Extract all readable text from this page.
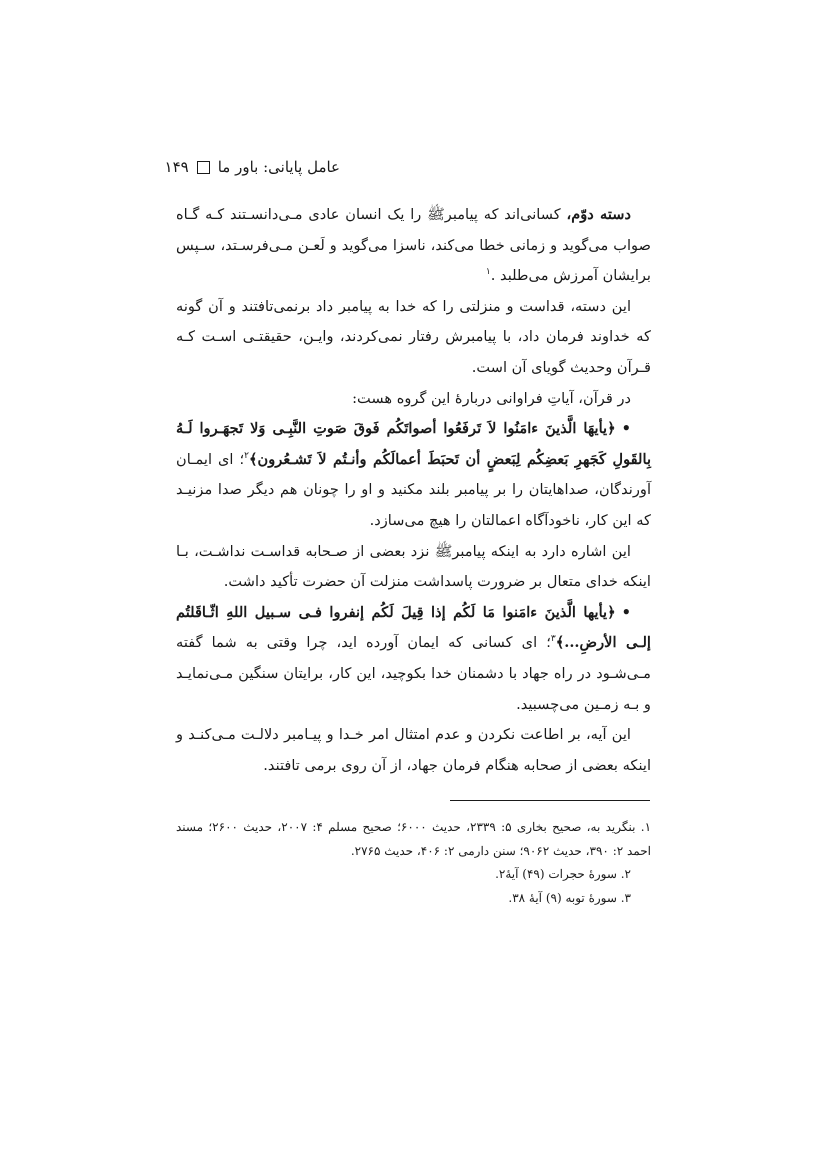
عامل پایانی: باور ما
۱۴۹

دسته دوّم، کسانی‌اند که پیامبرﷺ را یک انسان عادی مـی‌دانسـتند کـه گـاه صواب می‌گوید و زمانی خطا می‌کند، ناسزا می‌گوید و لَعـن مـی‌فرسـتد، سـپس برایشان آمرزش می‌طلبد .$^۱$

این دسته، قداست و منزلتی را که خدا به پیامبر داد برنمی‌تافتند و آن گونه که خداوند فرمان داد، با پیامبرش رفتار نمی‌کردند، وایـن، حقیقتـی اسـت کـه قـرآن وحدیث گویای آن است.

در قرآن، آیاتِ فراوانی دربارۀ این گروه هست:

•﴿يأيهَا الَّذينَ ءامَنُوا لاَ تَرفَعُوا أصواتَكُم فَوقَ صَوتِ النَّبِـى وَلا تَجهَـروا لَـهُ بِالقَولِ كَجَهرِ بَعضِكُم لِبَعضٍ أن تَحبَطَ أعمالَكُم وأنـتُم لاَ تَشـعُرون﴾$^۲$؛ ای ایمـان آورندگان، صداهایتان را بر پیامبر بلند مکنید و او را چونان هم دیگر صدا مزنیـد که این کار، ناخودآگاه اعمالتان را هیچ می‌سازد.

این اشاره دارد به اینکه پیامبرﷺ نزد بعضی از صـحابه قداسـت نداشـت، بـا اینکه خدای متعال بر ضرورت پاسداشت منزلت آن حضرت تأکید داشت.

•﴿يأيها الَّذينَ ءامَنوا مَا لَكُم إذا قِيلَ لَكُم إنفروا فـى سـبيل اللهِ اثّـاقَلتُم إلـى الأرضِ...﴾$^۳$؛ ای کسانی که ایمان آورده اید، چرا وقتی به شما گفته مـی‌شـود در راه جهاد با دشمنان خدا بکوچید، این کار، برایتان سنگین مـی‌نمایـد و بـه زمـین می‌چسبید.

این آیه، بر اطاعت نکردن و عدم امتثال امر خـدا و پیـامبر دلالـت مـی‌کنـد و اینکه بعضی از صحابه هنگام فرمان جهاد، از آن روی برمی تافتند.

۱. بنگرید به، صحیح بخاری ۵: ۲۳۳۹، حدیث ۶۰۰۰؛ صحیح مسلم ۴: ۲۰۰۷، حدیث ۲۶۰۰؛ مسند احمد ۲: ۳۹۰، حدیث ۹۰۶۲؛ سنن دارمی ۲: ۴۰۶، حدیث ۲۷۶۵.

۲. سورۀ حجرات (۴۹) آیۀ۲.

۳. سورۀ توبه (۹) آیۀ ۳۸.
